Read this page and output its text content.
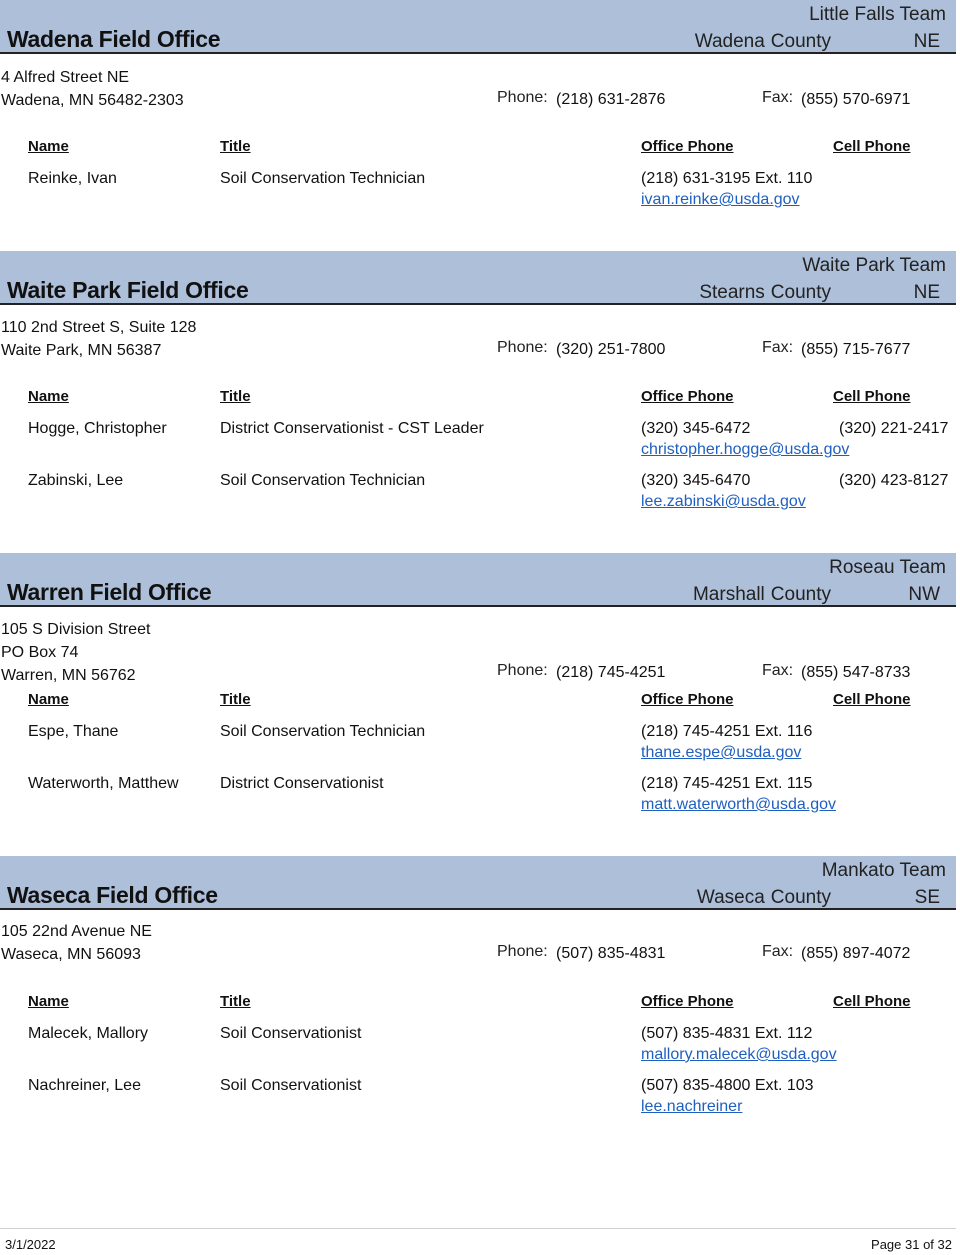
Wadena Field Office
Little Falls Team
Wadena County	NE
4 Alfred Street NE
Wadena, MN 56482-2303	Phone: (218) 631-2876	Fax: (855) 570-6971
Name	Title	Office Phone	Cell Phone
Reinke, Ivan	Soil Conservation Technician	(218) 631-3195 Ext. 110
ivan.reinke@usda.gov
Waite Park Field Office
Waite Park Team
Stearns County	NE
110 2nd Street S, Suite 128
Waite Park, MN 56387	Phone: (320) 251-7800	Fax: (855) 715-7677
Name	Title	Office Phone	Cell Phone
Hogge, Christopher	District Conservationist - CST Leader	(320) 345-6472	(320) 221-2417
christopher.hogge@usda.gov
Zabinski, Lee	Soil Conservation Technician	(320) 345-6470	(320) 423-8127
lee.zabinski@usda.gov
Warren Field Office
Roseau Team
Marshall County	NW
105 S Division Street
PO Box 74
Warren, MN 56762	Phone: (218) 745-4251	Fax: (855) 547-8733
Name	Title	Office Phone	Cell Phone
Espe, Thane	Soil Conservation Technician	(218) 745-4251 Ext. 116
thane.espe@usda.gov
Waterworth, Matthew	District Conservationist	(218) 745-4251 Ext. 115
matt.waterworth@usda.gov
Waseca Field Office
Mankato Team
Waseca County	SE
105 22nd Avenue NE
Waseca, MN 56093	Phone: (507) 835-4831	Fax: (855) 897-4072
Name	Title	Office Phone	Cell Phone
Malecek, Mallory	Soil Conservationist	(507) 835-4831 Ext. 112
mallory.malecek@usda.gov
Nachreiner, Lee	Soil Conservationist	(507) 835-4800 Ext. 103
lee.nachreiner
3/1/2022	Page 31 of 32
